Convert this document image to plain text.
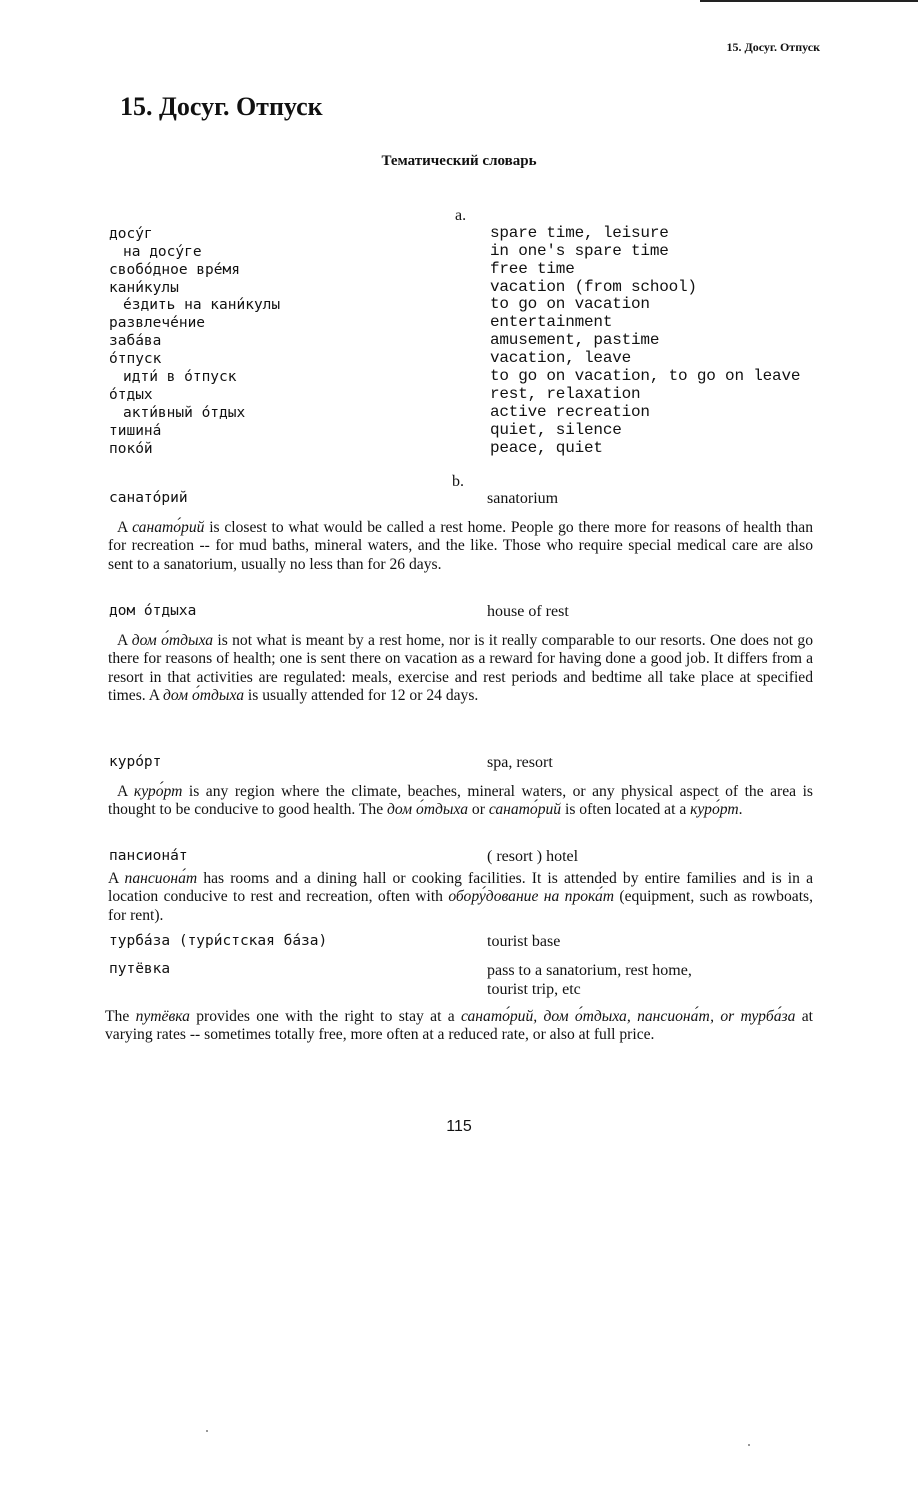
15. Досуг. Отпуск
15. Досуг. Отпуск
Тематический словарь
a.
досу́г	spare time, leisure
на досу́ге	in one's spare time
свобо́дное вре́мя	free time
кани́кулы	vacation (from school)
е́здить на кани́кулы	to go on vacation
развлече́ние	entertainment
заба́ва	amusement, pastime
о́тпуск	vacation, leave
идти́ в о́тпуск	to go on vacation, to go on leave
о́тдых	rest, relaxation
акти́вный о́тдых	active recreation
тишина́	quiet, silence
поко́й	peace, quiet
b.
санато́рий	sanatorium

A санато́рий is closest to what would be called a rest home. People go there more for reasons of health than for recreation -- for mud baths, mineral waters, and the like. Those who require special medical care are also sent to a sanatorium, usually no less than for 26 days.

дом о́тдыха	house of rest

A дом о́тдыха is not what is meant by a rest home, nor is it really comparable to our resorts. One does not go there for reasons of health; one is sent there on vacation as a reward for having done a good job. It differs from a resort in that activities are regulated: meals, exercise and rest periods and bedtime all take place at specified times. A дом о́тдыха is usually attended for 12 or 24 days.

куро́рт	spa, resort

A куро́рт is any region where the climate, beaches, mineral waters, or any physical aspect of the area is thought to be conducive to good health. The дом о́тдыха or санато́рий is often located at a куро́рт.

пансиона́т	( resort ) hotel

A пансиона́т has rooms and a dining hall or cooking facilities. It is attended by entire families and is in a location conducive to rest and recreation, often with обору́дование на прока́т (equipment, such as rowboats, for rent).

турба́за (тури́стская ба́за)	tourist base
путёвка	pass to a sanatorium, rest home,
tourist trip, etc

The путёвка provides one with the right to stay at a санато́рий, дом о́тдыха, пансиона́т, or турба́за at varying rates -- sometimes totally free, more often at a reduced rate, or also at full price.

115
